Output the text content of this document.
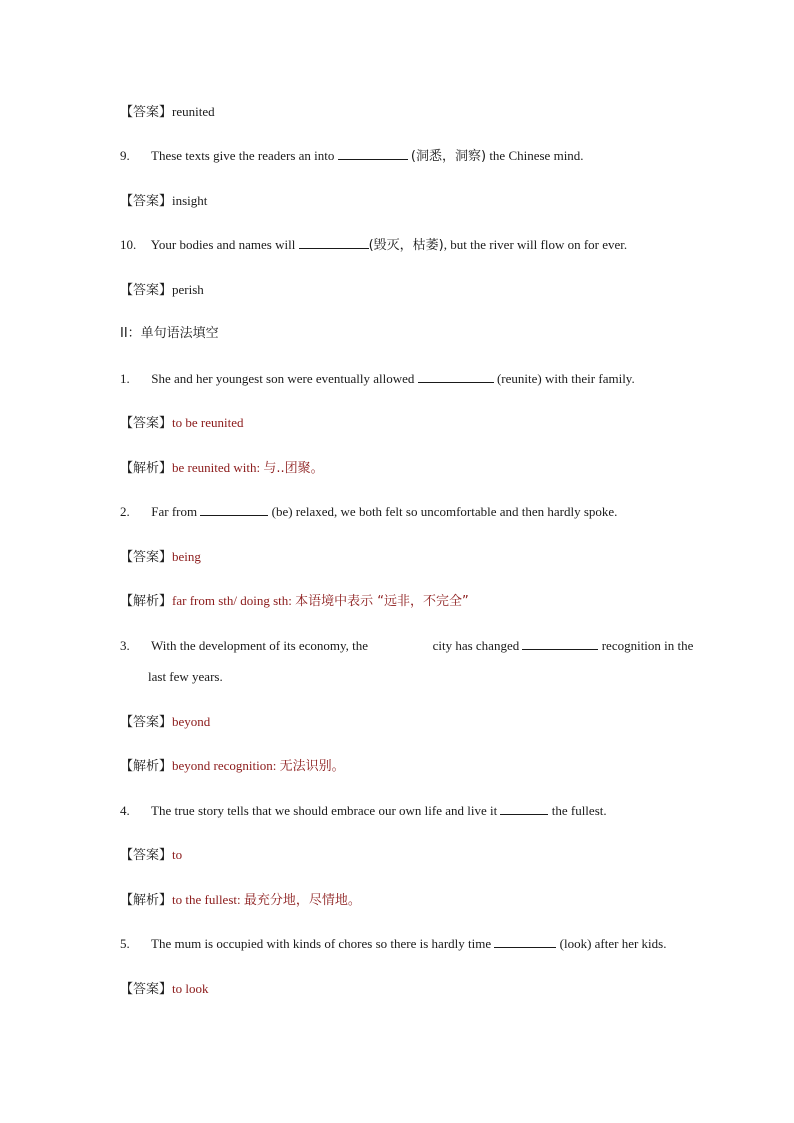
【答案】reunited
9. These texts give the readers an into	(洞悉，洞察) the Chinese mind.
【答案】insight
10. Your bodies and names will	(毁灭，枯萎), but the river will flow on for ever.
【答案】perish
II：单句语法填空
1. She and her youngest son were eventually allowed	(reunite) with their family.
【答案】to be reunited
【解析】be reunited with: 与..团聚。
2. Far from	(be) relaxed, we both felt so uncomfortable and then hardly spoke.
【答案】being
【解析】far from sth/ doing sth: 本语境中表示 “远非，不完全”
3. With the development of its economy, the	city has changed	recognition in the
last few years.
【答案】beyond
【解析】beyond recognition: 无法识别。
4. The true story tells that we should embrace our own life and live it	the fullest.
【答案】to
【解析】to the fullest: 最充分地，尽情地。
5. The mum is occupied with kinds of chores so there is hardly time	(look) after her kids.
【答案】to look
